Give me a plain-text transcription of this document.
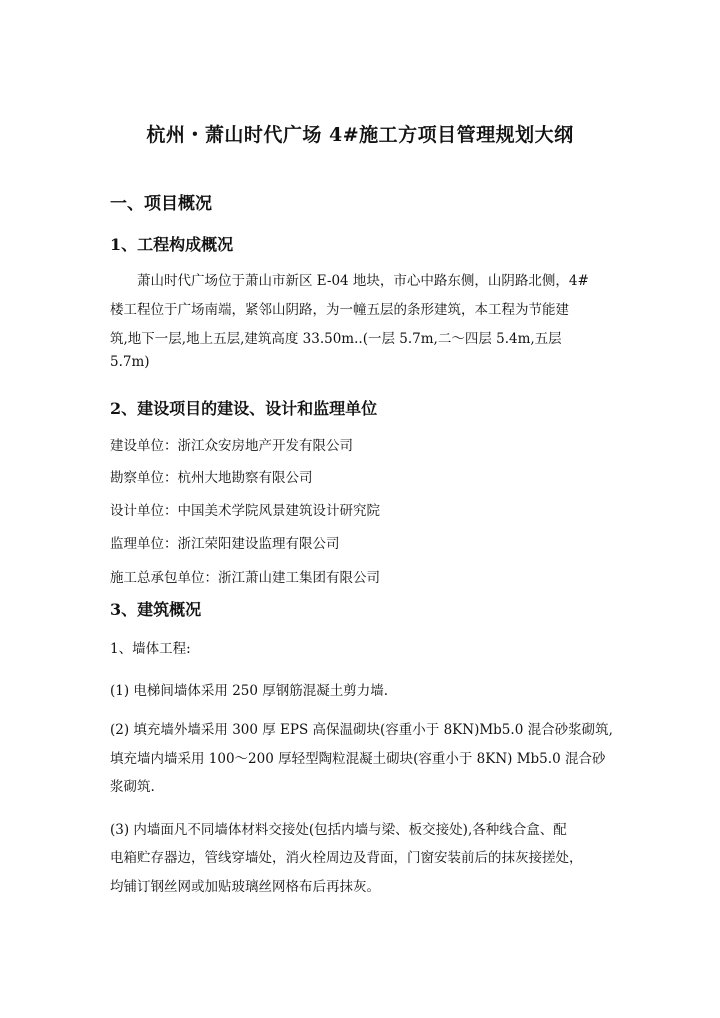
杭州・萧山时代广场 4#施工方项目管理规划大纲
一、项目概况
1、工程构成概况
　　萧山时代广场位于萧山市新区 E-04 地块，市心中路东侧，山阴路北侧，4#
楼工程位于广场南端，紧邻山阴路，为一幢五层的条形建筑，本工程为节能建
筑,地下一层,地上五层,建筑高度 33.50m..(一层 5.7m,二～四层 5.4m,五层
5.7m)
2、建设项目的建设、设计和监理单位
建设单位：浙江众安房地产开发有限公司
勘察单位：杭州大地勘察有限公司
设计单位：中国美术学院风景建筑设计研究院
监理单位：浙江荣阳建设监理有限公司
施工总承包单位：浙江萧山建工集团有限公司
3、建筑概况
1、墙体工程:
(1) 电梯间墙体采用 250 厚钢筋混凝土剪力墙.
(2) 填充墙外墙采用 300 厚 EPS 高保温砌块(容重小于 8KN)Mb5.0 混合砂浆砌筑,
填充墙内墙采用 100～200 厚轻型陶粒混凝土砌块(容重小于 8KN) Mb5.0 混合砂
浆砌筑.
(3) 内墙面凡不同墙体材料交接处(包括内墙与梁、板交接处),各种线合盒、配
电箱贮存器边，管线穿墙处，消火栓周边及背面，门窗安装前后的抹灰接搓处，
均铺订钢丝网或加贴玻璃丝网格布后再抹灰。
